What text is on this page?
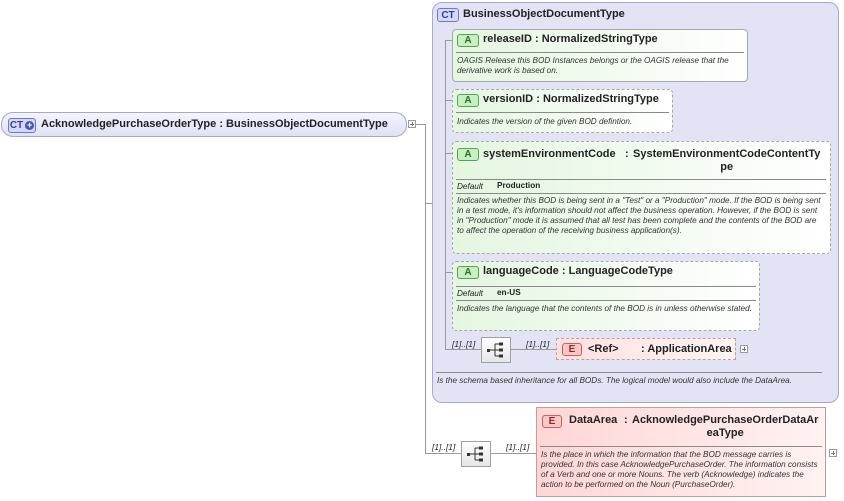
CT + AcknowledgePurchaseOrderType : BusinessObjectDocumentType
CT BusinessObjectDocumentType
Is the schema based inheritance for all BODs. The logical model would also include the DataArea.
A releaseID : NormalizedStringType
OAGIS Release this BOD Instances belongs or the OAGIS release that the derivative work is based on.
A versionID : NormalizedStringType
Indicates the version of the given BOD defintion.
A systemEnvironmentCode : SystemEnvironmentCodeContentTy
pe
Default Production
Indicates whether this BOD is being sent in a "Test" or a "Production" mode. If the BOD is being sent in a test mode, it's information should not affect the business operation. However, if the BOD is sent in "Production" mode it is assumed that all test has been complete and the contents of the BOD are to affect the operation of the receiving business application(s).
A languageCode : LanguageCodeType
Default en-US
Indicates the language that the contents of the BOD is in unless otherwise stated.
[1]..[1]	[1]..[1] E <Ref> : ApplicationArea
[1]..[1]	[1]..[1]
E DataArea : AcknowledgePurchaseOrderDataAr
eaType
Is the place in which the information that the BOD message carries is provided. In this case AcknowledgePurchaseOrder. The information consists of a Verb and one or more Nouns. The verb (Acknowledge) indicates the action to be performed on the Noun (PurchaseOrder).
